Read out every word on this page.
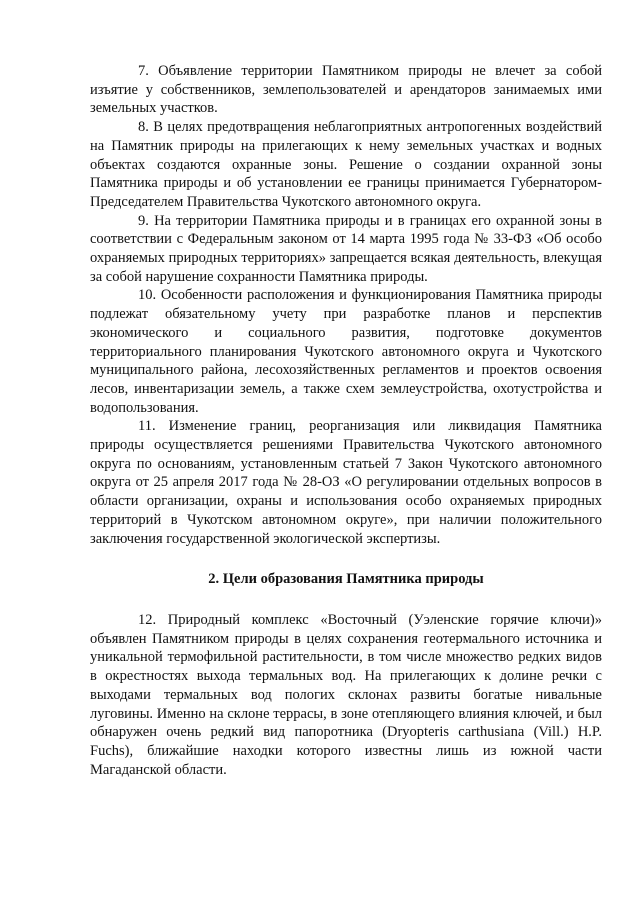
7. Объявление территории Памятником природы не влечет за собой изъятие у собственников, землепользователей и арендаторов занимаемых ими земельных участков.

8. В целях предотвращения неблагоприятных антропогенных воздействий на Памятник природы на прилегающих к нему земельных участках и водных объектах создаются охранные зоны. Решение о создании охранной зоны Памятника природы и об установлении ее границы принимается Губернатором-Председателем Правительства Чукотского автономного округа.

9. На территории Памятника природы и в границах его охранной зоны в соответствии с Федеральным законом от 14 марта 1995 года № 33-ФЗ «Об особо охраняемых природных территориях» запрещается всякая деятельность, влекущая за собой нарушение сохранности Памятника природы.

10. Особенности расположения и функционирования Памятника природы подлежат обязательному учету при разработке планов и перспектив экономического и социального развития, подготовке документов территориального планирования Чукотского автономного округа и Чукотского муниципального района, лесохозяйственных регламентов и проектов освоения лесов, инвентаризации земель, а также схем землеустройства, охотустройства и водопользования.

11. Изменение границ, реорганизация или ликвидация Памятника природы осуществляется решениями Правительства Чукотского автономного округа по основаниям, установленным статьей 7 Закон Чукотского автономного округа от 25 апреля 2017 года № 28-ОЗ «О регулировании отдельных вопросов в области организации, охраны и использования особо охраняемых природных территорий в Чукотском автономном округе», при наличии положительного заключения государственной экологической экспертизы.

2. Цели образования Памятника природы

12. Природный комплекс «Восточный (Уэленские горячие ключи)» объявлен Памятником природы в целях сохранения геотермального источника и уникальной термофильной растительности, в том числе множество редких видов в окрестностях выхода термальных вод. На прилегающих к долине речки с выходами термальных вод пологих склонах развиты богатые нивальные луговины. Именно на склоне террасы, в зоне отепляющего влияния ключей, и был обнаружен очень редкий вид папоротника (Dryopteris carthusiana (Vill.) H.P. Fuchs), ближайшие находки которого известны лишь из южной части Магаданской области.
